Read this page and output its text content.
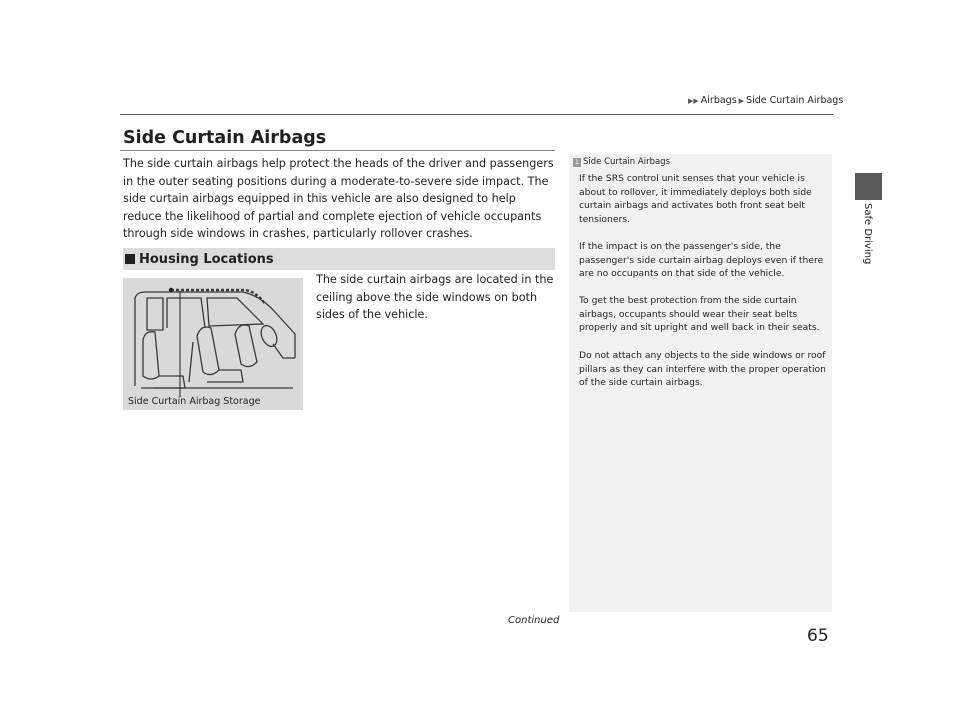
▶▶ Airbags ▶ Side Curtain Airbags
Safe Driving
Side Curtain Airbags

The side curtain airbags help protect the heads of the driver and passengers in the outer seating positions during a moderate-to-severe side impact. The side curtain airbags equipped in this vehicle are also designed to help reduce the likelihood of partial and complete ejection of vehicle occupants through side windows in crashes, particularly rollover crashes.

Housing Locations
Side Curtain Airbag Storage

The side curtain airbags are located in the ceiling above the side windows on both sides of the vehicle.

1 Side Curtain Airbags

If the SRS control unit senses that your vehicle is about to rollover, it immediately deploys both side curtain airbags and activates both front seat belt tensioners.

If the impact is on the passenger's side, the passenger's side curtain airbag deploys even if there are no occupants on that side of the vehicle.

To get the best protection from the side curtain airbags, occupants should wear their seat belts properly and sit upright and well back in their seats.

Do not attach any objects to the side windows or roof pillars as they can interfere with the proper operation of the side curtain airbags.

Continued
65
